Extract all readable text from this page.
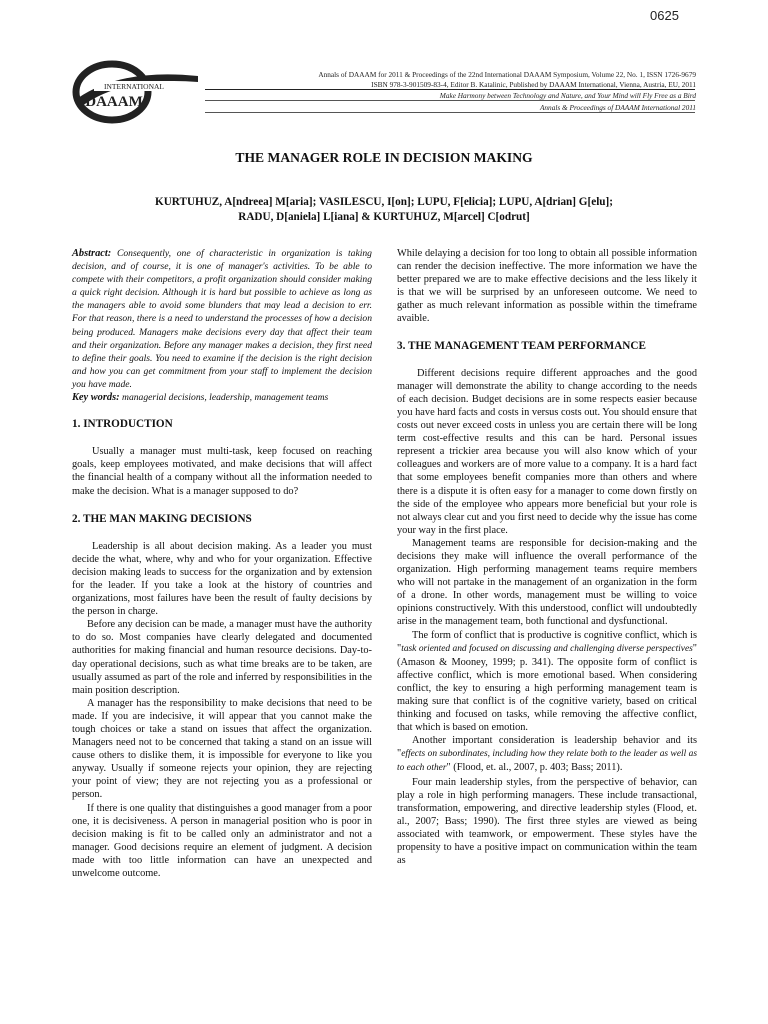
0625
INTERNATIONAL
DAAAM
Annals of DAAAM for 2011 & Proceedings of the 22nd International DAAAM Symposium, Volume 22, No. 1, ISSN 1726-9679
ISBN 978-3-901509-83-4, Editor B. Katalinic, Published by DAAAM International, Vienna, Austria, EU, 2011
Make Harmony between Technology and Nature, and Your Mind will Fly Free as a Bird
Annals & Proceedings of DAAAM International 2011
THE MANAGER ROLE IN DECISION MAKING
KURTUHUZ, A[ndreea] M[aria]; VASILESCU, I[on]; LUPU, F[elicia]; LUPU, A[drian] G[elu];
RADU, D[aniela] L[iana] & KURTUHUZ, M[arcel] C[odrut]
Abstract: Consequently, one of characteristic in organization is taking decision, and of course, it is one of manager's activities. To be able to compete with their competitors, a profit organization should consider making a quick right decision. Although it is hard but possible to achieve as long as the managers able to avoid some blunders that may lead a decision to err. For that reason, there is a need to understand the processes of how a decision being produced. Managers make decisions every day that affect their team and their organization. Before any manager makes a decision, they first need to define their goals. You need to examine if the decision is the right decision and how you can get commitment from your staff to implement the decision you have made.
Key words: managerial decisions, leadership, management teams
1. INTRODUCTION

Usually a manager must multi-task, keep focused on reaching goals, keep employees motivated, and make decisions that will affect the financial health of a company without all the information needed to make the decision. What is a manager supposed to do?

2. THE MAN MAKING DECISIONS

Leadership is all about decision making. As a leader you must decide the what, where, why and who for your organization. Effective decision making leads to success for the organization and by extension for the leader. If you take a look at the history of countries and organizations, most failures have been the result of faulty decisions by the person in charge.

Before any decision can be made, a manager must have the authority to do so. Most companies have clearly delegated and documented authorities for making financial and human resource decisions. Day-to-day operational decisions, such as what time breaks are to be taken, are usually assumed as part of the role and inferred by responsibilities in the main position description.

A manager has the responsibility to make decisions that need to be made. If you are indecisive, it will appear that you cannot make the tough choices or take a stand on issues that affect the organization. Managers need not to be concerned that taking a stand on an issue will cause others to dislike them, it is impossible for everyone to like you anyway. Usually if someone rejects your opinion, they are rejecting your point of view; they are not rejecting you as a professional or person.

If there is one quality that distinguishes a good manager from a poor one, it is decisiveness. A person in managerial position who is poor in decision making is fit to be called only an administrator and not a manager. Good decisions require an element of judgment. A decision made with too little information can have an unexpected and unwelcome outcome.

While delaying a decision for too long to obtain all possible information can render the decision ineffective. The more information we have the better prepared we are to make effective decisions and the less likely it is that we will be surprised by an unforeseen outcome. We need to gather as much relevant information as possible within the timeframe avaible.

3. THE MANAGEMENT TEAM PERFORMANCE

Different decisions require different approaches and the good manager will demonstrate the ability to change according to the needs of each decision. Budget decisions are in some respects easier because you have hard facts and costs in versus costs out. You should ensure that costs out never exceed costs in unless you are certain there will be long term cost-effective results and this can be hard. Personal issues represent a trickier area because you will also know which of your colleagues and workers are of more value to a company. It is a hard fact that some employees benefit companies more than others and where there is a dispute it is often easy for a manager to come down firstly on the side of the employee who appears more beneficial but your role is not always clear cut and you first need to decide why the issue has come your way in the first place.

Management teams are responsible for decision-making and the decisions they make will influence the overall performance of the organization. High performing management teams require members who will not partake in the management of an organization in the form of a drone. In other words, management must be willing to voice opinions constructively. With this understood, conflict will undoubtedly arise in the management team, both functional and dysfunctional.

The form of conflict that is productive is cognitive conflict, which is "task oriented and focused on discussing and challenging diverse perspectives" (Amason & Mooney, 1999; p. 341). The opposite form of conflict is affective conflict, which is more emotional based. When considering conflict, the key to ensuring a high performing management team is making sure that conflict is of the cognitive variety, based on critical thinking and focused on tasks, while removing the affective conflict, that which is based on emotion.

Another important consideration is leadership behavior and its "effects on subordinates, including how they relate both to the leader as well as to each other" (Flood, et. al., 2007, p. 403; Bass; 2011).

Four main leadership styles, from the perspective of behavior, can play a role in high performing managers. These include transactional, transformation, empowering, and directive leadership styles (Flood, et. al., 2007; Bass; 1990). The first three styles are viewed as being associated with teamwork, or empowerment. These styles have the propensity to have a positive impact on communication within the team as
